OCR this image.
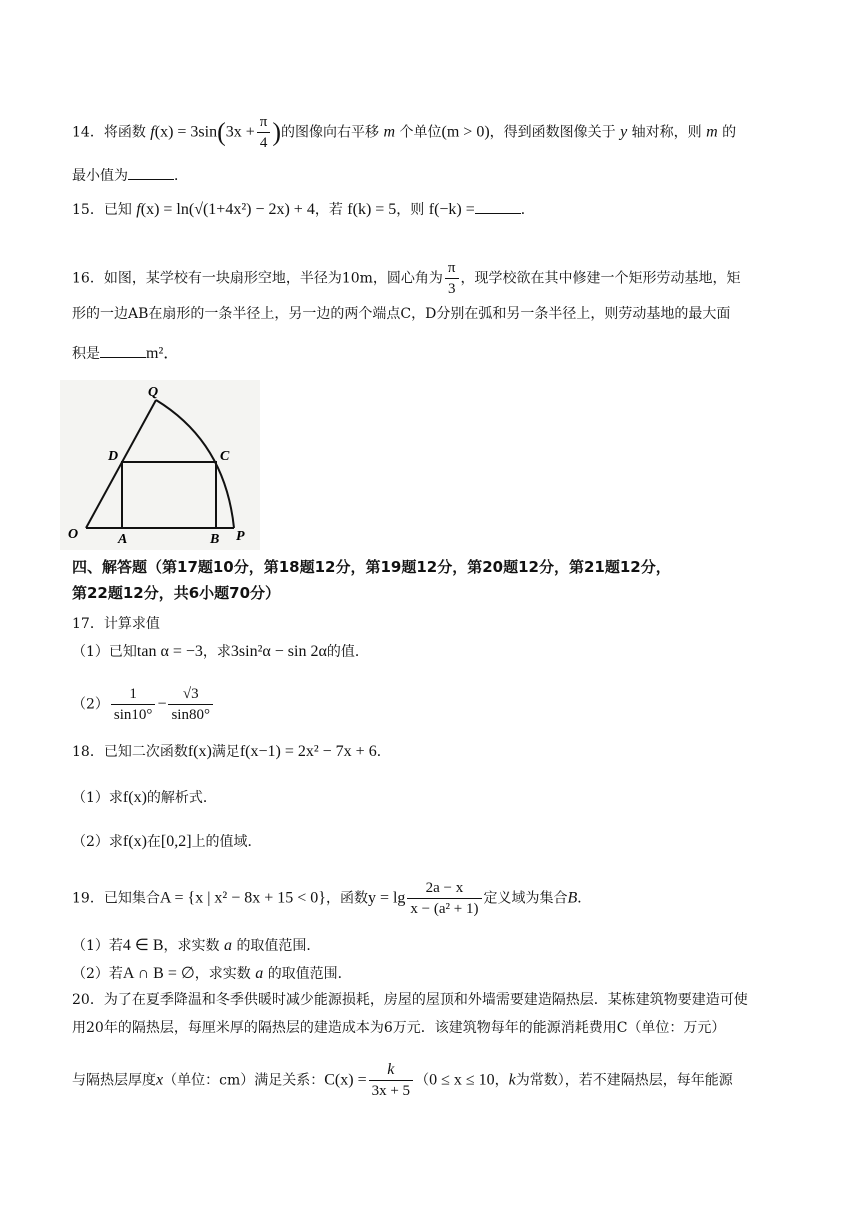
14．将函数 $f(x) = 3\sin(3x + \frac{\pi}{4}$ )的图像向右平移 m 个单位(m > 0)，得到函数图像关于 y 轴对称，则 m 的
最小值为	．
15．已知 f(x) = ln(√(1+4x²) − 2x) + 4，若 f(k) = 5，则 f(−k) =	．
16．如图，某学校有一块扇形空地，半径为10m，圆心角为 $\frac{\pi}{3}$ ，现学校欲在其中修建一个矩形劳动基地，矩
形的一边AB在扇形的一条半径上，另一边的两个端点C，D分别在弧和另一条半径上，则劳动基地的最大面
积是	m²．
O	A	B P
C
D
Q
四、解答题（第17题10分，第18题12分，第19题12分，第20题12分，第21题12分，
第22题12分，共6小题70分）
17．计算求值
（1）已知tan α = −3，求3sin²α − sin 2α的值．
$(2) \frac{1}{\sin 10^\circ} - \frac{√3}{\sin 80^\circ}$
18．已知二次函数f(x)满足f(x−1) = 2x² − 7x + 6．
（1）求f(x)的解析式．
（2）求f(x)在[0,2]上的值域．
19．已知集合A = {x | x² − 8x + 15 < 0}，函数$y = \lg \frac{2a - x}{\text{x − (a² + 1)}}$ 定义域为集合B．
（1）若4 ∈ B，求实数 a 的取值范围．
（2）若A ∩ B = ∅，求实数 a 的取值范围．
20．为了在夏季降温和冬季供暖时减少能源损耗，房屋的屋顶和外墙需要建造隔热层．某栋建筑物要建造可使
用20年的隔热层，每厘米厚的隔热层的建造成本为6万元．该建筑物每年的能源消耗费用C（单位：万元）
与隔热层厚度x（单位：cm）满足关系：$C(x) = \frac{k}{3x + 5} (0 \le x \le 10$，k为常数），若不建隔热层，每年能源
